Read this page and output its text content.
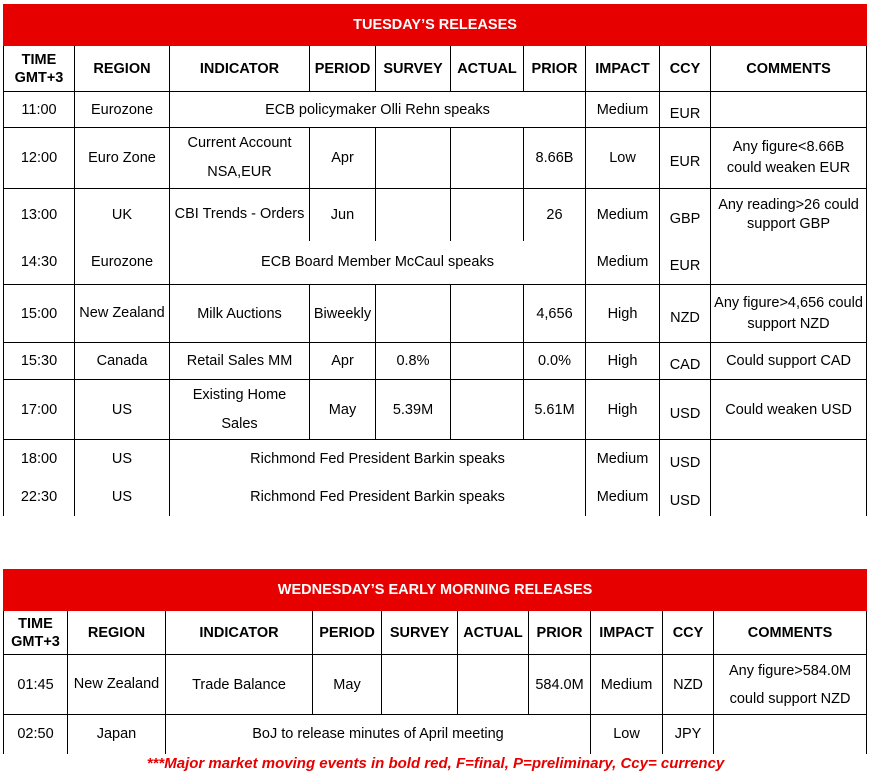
TUESDAY’S RELEASES									
TIME GMT+3	REGION	INDICATOR	PERIOD	SURVEY	ACTUAL	PRIOR	IMPACT	CCY	COMMENTS
11:00	Eurozone	ECB policymaker Olli Rehn speaks					Medium	EUR	
12:00	Euro Zone	Current Account NSA,EUR	Apr			8.66B	Low	EUR	Any figure<8.66B could weaken EUR
13:00	UK	CBI Trends - Orders	Jun			26	Medium	GBP	Any reading>26 could support GBP
14:30	Eurozone	ECB Board Member McCaul speaks					Medium	EUR	
15:00	New Zealand	Milk Auctions	Biweekly			4,656	High	NZD	Any figure>4,656 could support NZD
15:30	Canada	Retail Sales MM	Apr	0.8%		0.0%	High	CAD	Could support CAD
17:00	US	Existing Home Sales	May	5.39M		5.61M	High	USD	Could weaken USD
18:00	US	Richmond Fed President Barkin speaks					Medium	USD	
22:30	US	Richmond Fed President Barkin speaks					Medium	USD	
WEDNESDAY’S EARLY MORNING RELEASES									
TIME GMT+3	REGION	INDICATOR	PERIOD	SURVEY	ACTUAL	PRIOR	IMPACT	CCY	COMMENTS
01:45	New Zealand	Trade Balance	May			584.0M	Medium	NZD	Any figure>584.0M could support NZD
02:50	Japan	BoJ to release minutes of April meeting					Low	JPY	
***Major market moving events in bold red, F=final, P=preliminary, Ccy= currency
